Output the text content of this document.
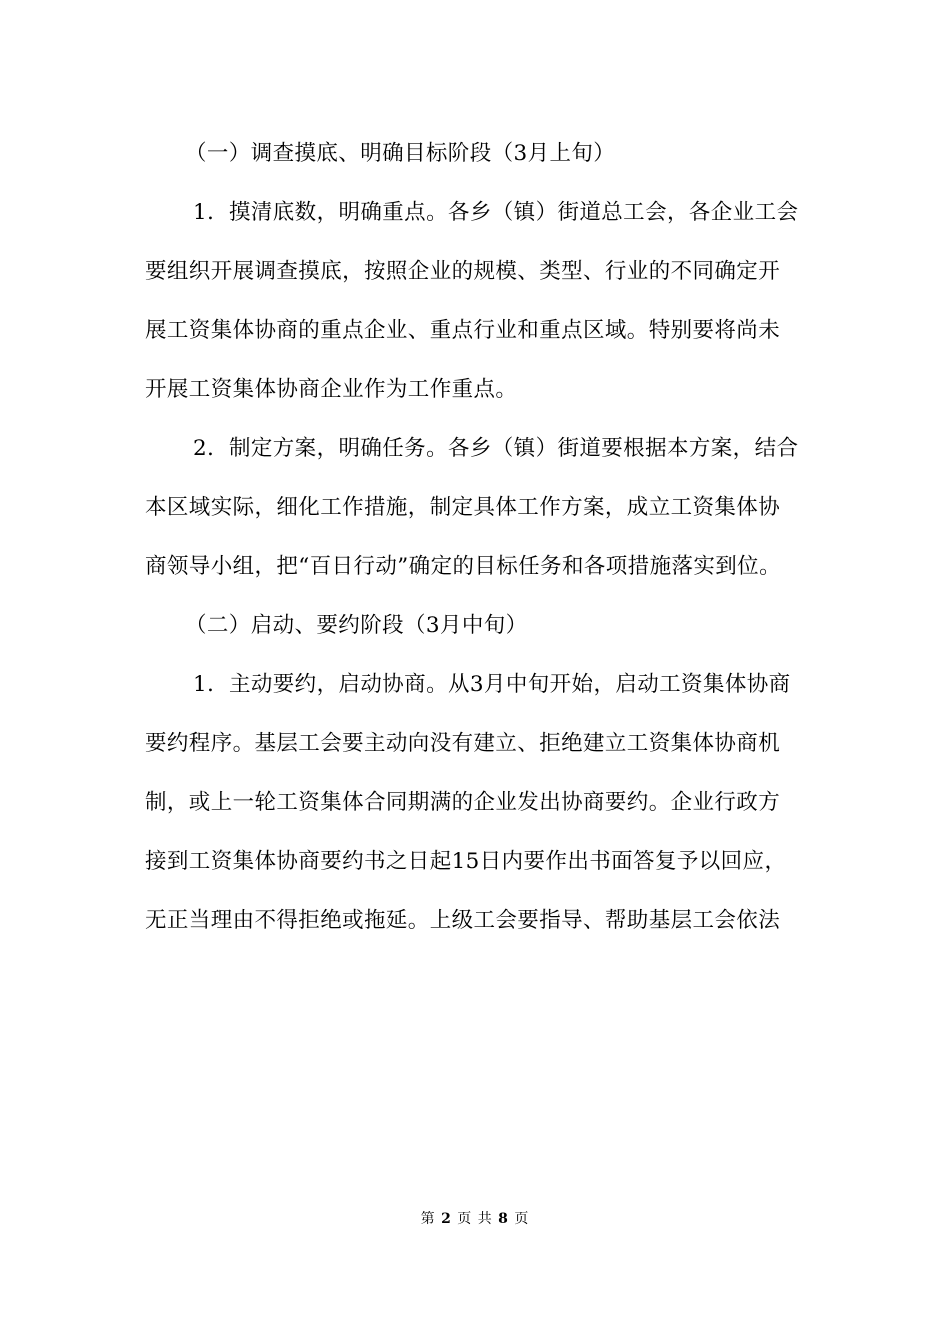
（一）调查摸底、明确目标阶段（3月上旬）
1．摸清底数，明确重点。各乡（镇）街道总工会，各企业工会
要组织开展调查摸底，按照企业的规模、类型、行业的不同确定开
展工资集体协商的重点企业、重点行业和重点区域。特别要将尚未
开展工资集体协商企业作为工作重点。
2．制定方案，明确任务。各乡（镇）街道要根据本方案，结合
本区域实际，细化工作措施，制定具体工作方案，成立工资集体协
商领导小组，把“百日行动”确定的目标任务和各项措施落实到位。
（二）启动、要约阶段（3月中旬）
1．主动要约，启动协商。从3月中旬开始，启动工资集体协商
要约程序。基层工会要主动向没有建立、拒绝建立工资集体协商机
制，或上一轮工资集体合同期满的企业发出协商要约。企业行政方
接到工资集体协商要约书之日起15日内要作出书面答复予以回应，
无正当理由不得拒绝或拖延。上级工会要指导、帮助基层工会依法
第 2 页 共 8 页
